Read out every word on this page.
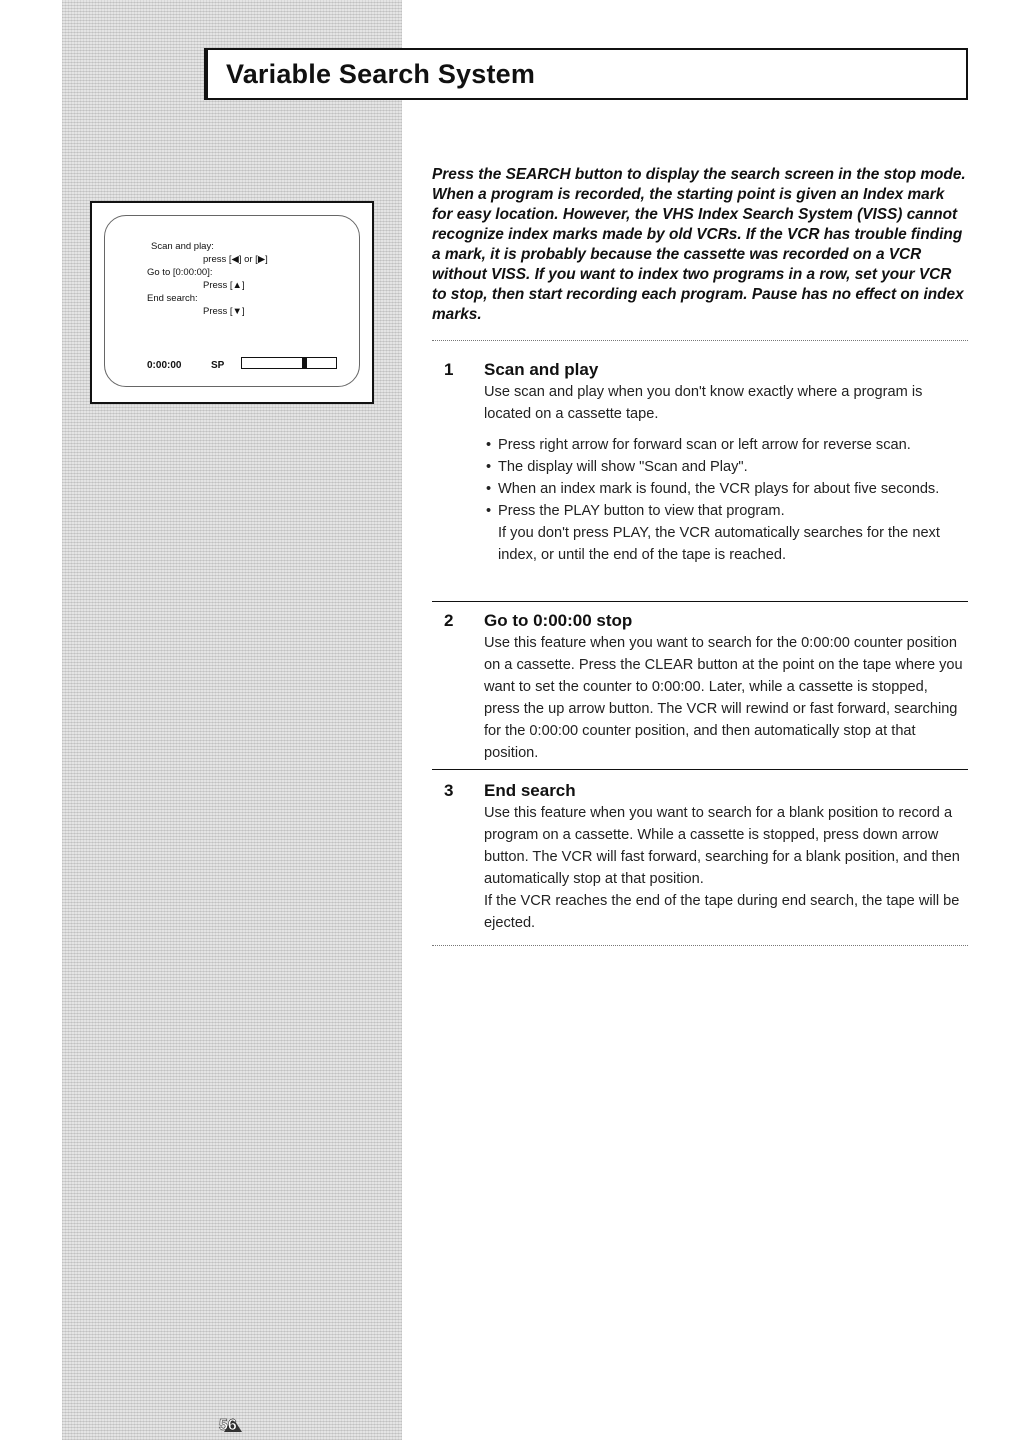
Variable Search System
Scan and play:
press [◀] or [▶]
Go to [0:00:00]:
Press [▲]
End search:
Press [▼]
0:00:00	SP

Press the SEARCH button to display the search screen in the stop mode. When a program is recorded, the starting point is given an Index mark for easy location. However, the VHS Index Search System (VISS) cannot recognize index marks made by old VCRs. If the VCR has trouble finding a mark, it is probably because the cassette was recorded on a VCR without VISS. If you want to index two programs in a row, set your VCR to stop, then start recording each program. Pause has no effect on index marks.

1 Scan and play

Use scan and play when you don't know exactly where a program is located on a cassette tape.

• Press right arrow for forward scan or left arrow for reverse scan.
• The display will show "Scan and Play".
• When an index mark is found, the VCR plays for about five seconds.
• Press the PLAY button to view that program.

If you don't press PLAY, the VCR automatically searches for the next index, or until the end of the tape is reached.

2 Go to 0:00:00 stop

Use this feature when you want to search for the 0:00:00 counter position on a cassette. Press the CLEAR button at the point on the tape where you want to set the counter to 0:00:00. Later, while a cassette is stopped, press the up arrow button. The VCR will rewind or fast forward, searching for the 0:00:00 counter position, and then automatically stop at that position.

3 End search

Use this feature when you want to search for a blank position to record a program on a cassette. While a cassette is stopped, press down arrow button. The VCR will fast forward, searching for a blank position, and then automatically stop at that position.

If the VCR reaches the end of the tape during end search, the tape will be ejected.

56
